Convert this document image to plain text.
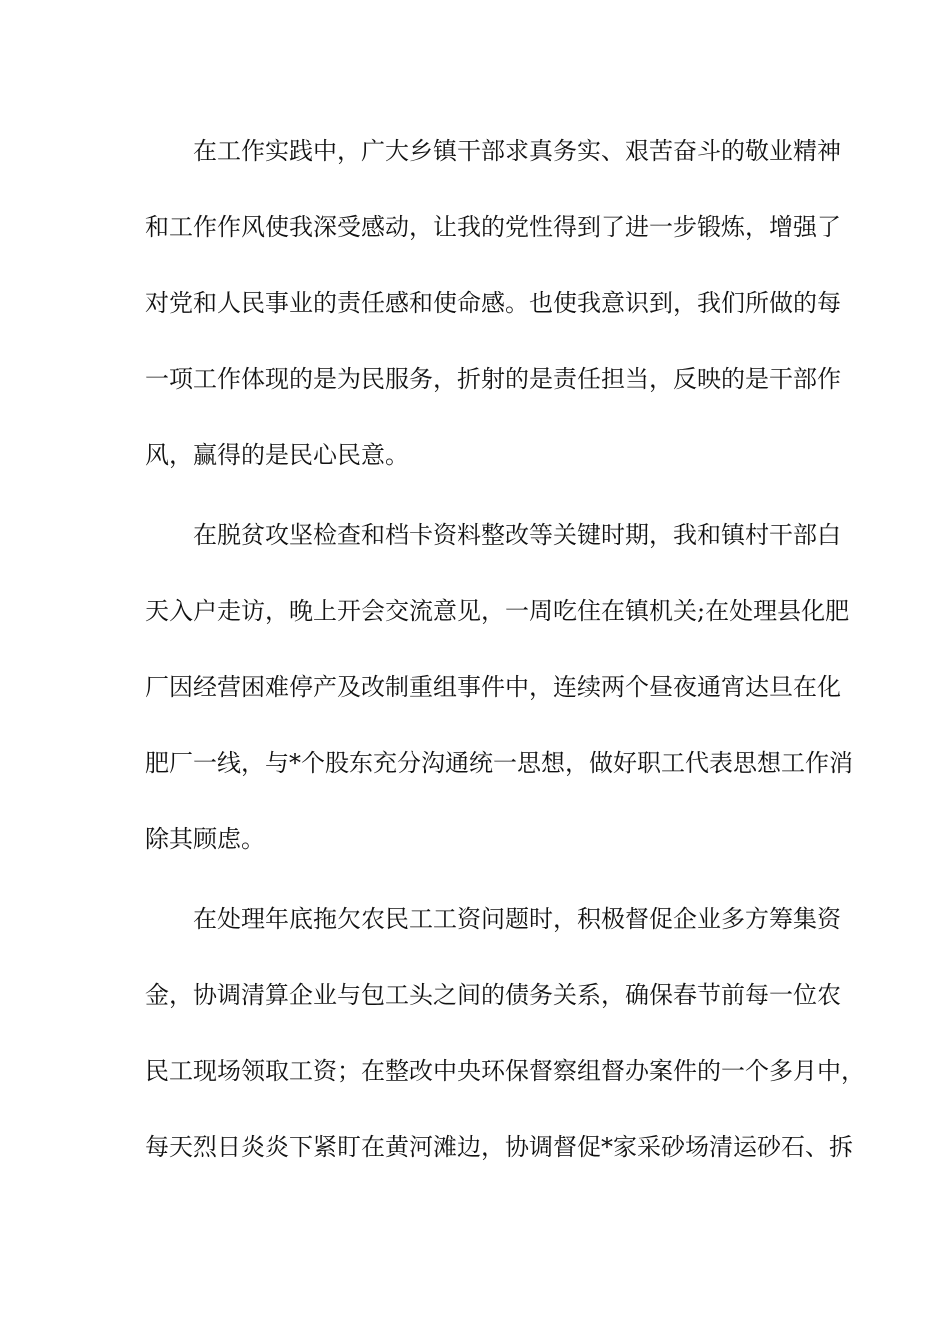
在工作实践中，广大乡镇干部求真务实、艰苦奋斗的敬业精神
和工作作风使我深受感动，让我的党性得到了进一步锻炼，增强了
对党和人民事业的责任感和使命感。也使我意识到，我们所做的每
一项工作体现的是为民服务，折射的是责任担当，反映的是干部作
风，赢得的是民心民意。
在脱贫攻坚检查和档卡资料整改等关键时期，我和镇村干部白
天入户走访，晚上开会交流意见，一周吃住在镇机关;在处理县化肥
厂因经营困难停产及改制重组事件中，连续两个昼夜通宵达旦在化
肥厂一线，与*个股东充分沟通统一思想，做好职工代表思想工作消
除其顾虑。
在处理年底拖欠农民工工资问题时，积极督促企业多方筹集资
金，协调清算企业与包工头之间的债务关系，确保春节前每一位农
民工现场领取工资；在整改中央环保督察组督办案件的一个多月中，
每天烈日炎炎下紧盯在黄河滩边，协调督促*家采砂场清运砂石、拆
